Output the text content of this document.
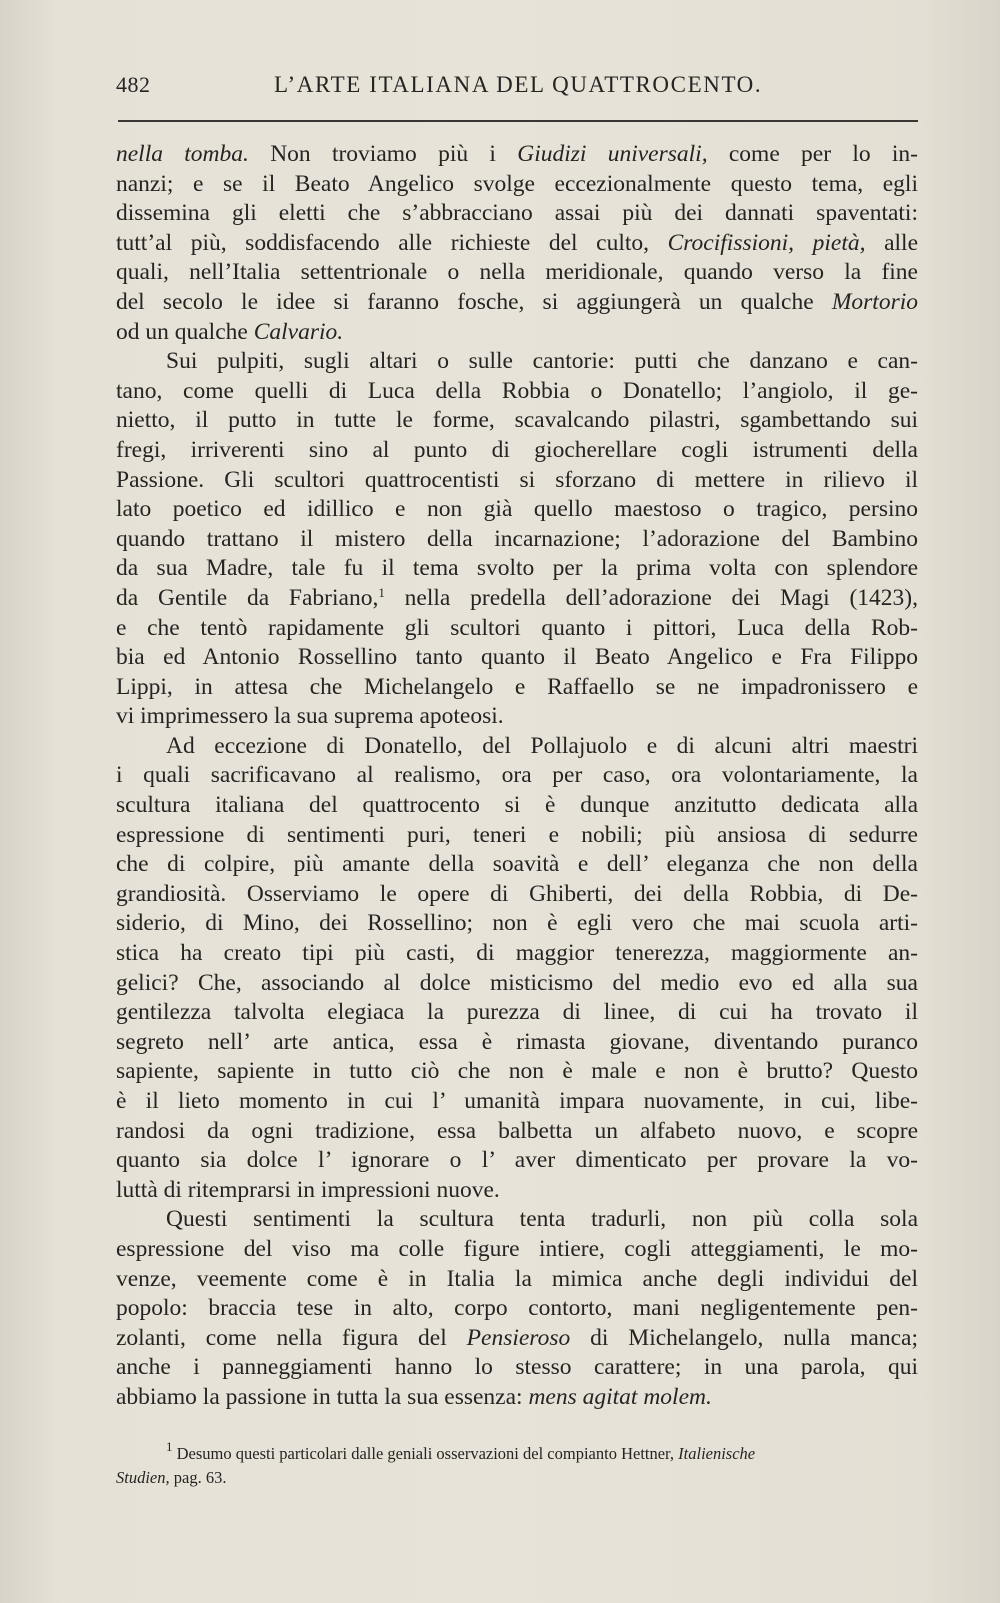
482	L’ARTE ITALIANA DEL QUATTROCENTO.
nella tomba. Non troviamo più i Giudizi universali, come per lo in-
nanzi; e se il Beato Angelico svolge eccezionalmente questo tema, egli
dissemina gli eletti che s’abbracciano assai più dei dannati spaventati:
tutt’al più, soddisfacendo alle richieste del culto, Crocifissioni, pietà, alle
quali, nell’Italia settentrionale o nella meridionale, quando verso la fine
del secolo le idee si faranno fosche, si aggiungerà un qualche Mortorio
od un qualche Calvario.
Sui pulpiti, sugli altari o sulle cantorie: putti che danzano e can-
tano, come quelli di Luca della Robbia o Donatello; l’angiolo, il ge-
nietto, il putto in tutte le forme, scavalcando pilastri, sgambettando sui
fregi, irriverenti sino al punto di giocherellare cogli istrumenti della
Passione. Gli scultori quattrocentisti si sforzano di mettere in rilievo il
lato poetico ed idillico e non già quello maestoso o tragico, persino
quando trattano il mistero della incarnazione; l’adorazione del Bambino
da sua Madre, tale fu il tema svolto per la prima volta con splendore
da Gentile da Fabriano,$^1$ nella predella dell’adorazione dei Magi (1423),
e che tentò rapidamente gli scultori quanto i pittori, Luca della Rob-
bia ed Antonio Rossellino tanto quanto il Beato Angelico e Fra Filippo
Lippi, in attesa che Michelangelo e Raffaello se ne impadronissero e
vi imprimessero la sua suprema apoteosi.
Ad eccezione di Donatello, del Pollajuolo e di alcuni altri maestri
i quali sacrificavano al realismo, ora per caso, ora volontariamente, la
scultura italiana del quattrocento si è dunque anzitutto dedicata alla
espressione di sentimenti puri, teneri e nobili; più ansiosa di sedurre
che di colpire, più amante della soavità e dell’ eleganza che non della
grandiosità. Osserviamo le opere di Ghiberti, dei della Robbia, di De-
siderio, di Mino, dei Rossellino; non è egli vero che mai scuola arti-
stica ha creato tipi più casti, di maggior tenerezza, maggiormente an-
gelici? Che, associando al dolce misticismo del medio evo ed alla sua
gentilezza talvolta elegiaca la purezza di linee, di cui ha trovato il
segreto nell’ arte antica, essa è rimasta giovane, diventando puranco
sapiente, sapiente in tutto ciò che non è male e non è brutto? Questo
è il lieto momento in cui l’ umanità impara nuovamente, in cui, libe-
randosi da ogni tradizione, essa balbetta un alfabeto nuovo, e scopre
quanto sia dolce l’ ignorare o l’ aver dimenticato per provare la vo-
luttà di ritemprarsi in impressioni nuove.
Questi sentimenti la scultura tenta tradurli, non più colla sola
espressione del viso ma colle figure intiere, cogli atteggiamenti, le mo-
venze, veemente come è in Italia la mimica anche degli individui del
popolo: braccia tese in alto, corpo contorto, mani negligentemente pen-
zolanti, come nella figura del Pensieroso di Michelangelo, nulla manca;
anche i panneggiamenti hanno lo stesso carattere; in una parola, qui
abbiamo la passione in tutta la sua essenza: mens agitat molem.
$^1$ Desumo questi particolari dalle geniali osservazioni del compianto Hettner, Italienische
Studien, pag. 63.
